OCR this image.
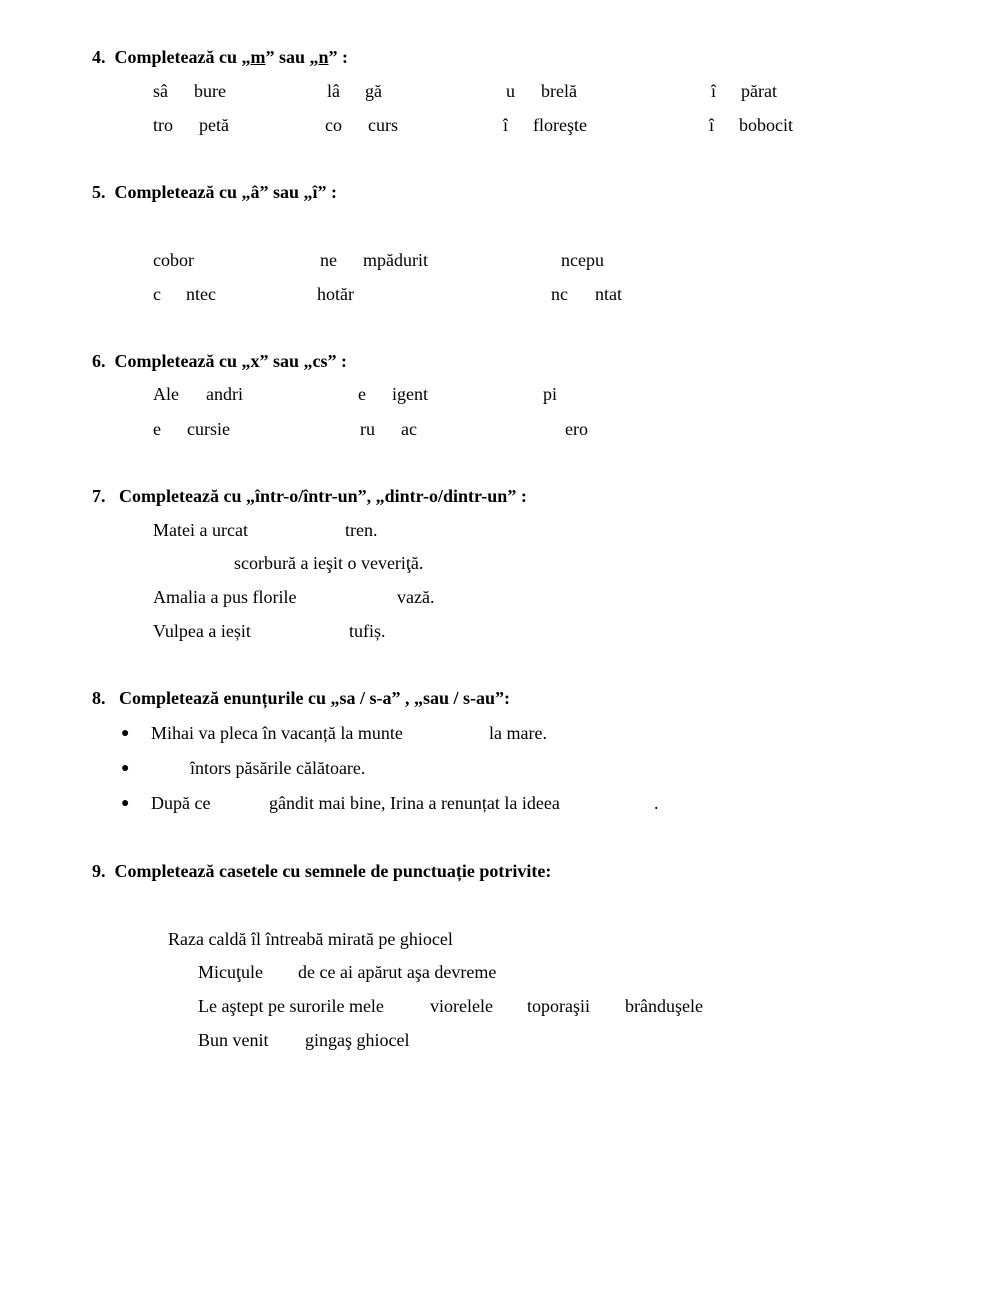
4. Completează cu „m” sau „n” :
sâ bure	lâ gă	u brelă	î părat
tro petă	co curs	î floreşte	î bobocit
5. Completează cu „â” sau „î” :
cobor	ne mpădurit	ncepu
c ntec	hotăr	nc ntat
6. Completează cu „x” sau „cs” :
Ale andri	e igent	pi
e cursie	ru ac	ero
7. Completează cu „într-o/într-un”, „dintr-o/dintr-un” :
Matei a urcat	tren.
scorbură a ieşit o veveriţă.
Amalia a pus florile	vază.
Vulpea a ieșit	tufiș.
8. Completează enunțurile cu „sa / s-a” , „sau / s-au”:
● Mihai va pleca în vacanță la munte	la mare.
●	întors păsările călătoare.
● După ce	gândit mai bine, Irina a renunțat la ideea	.
9. Completează casetele cu semnele de punctuație potrivite:
Raza caldă îl întreabă mirată pe ghiocel
Micuţule de ce ai apărut aşa devreme
Le aştept pe surorile mele	viorelele toporaşii brânduşele
Bun venit gingaş ghiocel
